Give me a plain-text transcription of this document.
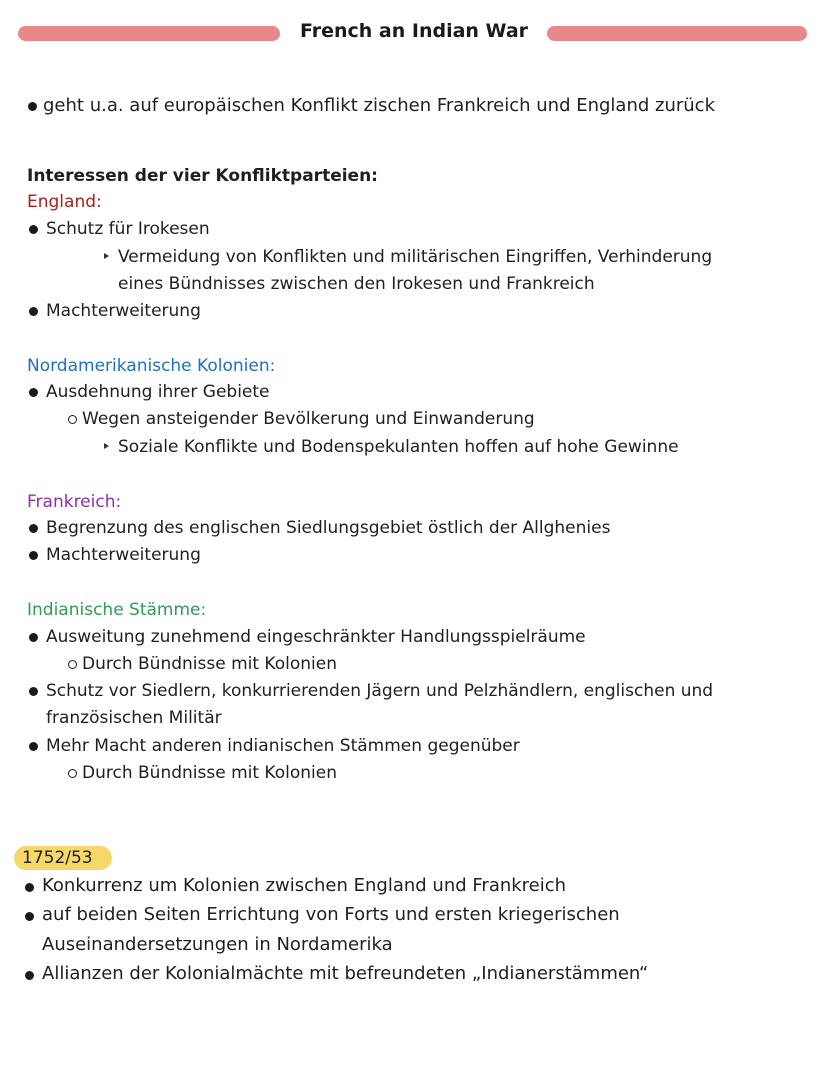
French an Indian War
geht u.a. auf europäischen Konflikt zischen Frankreich und England zurück
Interessen der vier Konfliktparteien:
England:
Schutz für Irokesen
Vermeidung von Konflikten und militärischen Eingriffen, Verhinderung
eines Bündnisses zwischen den Irokesen und Frankreich
Machterweiterung
Nordamerikanische Kolonien:
Ausdehnung ihrer Gebiete
Wegen ansteigender Bevölkerung und Einwanderung
Soziale Konflikte und Bodenspekulanten hoffen auf hohe Gewinne
Frankreich:
Begrenzung des englischen Siedlungsgebiet östlich der Allghenies
Machterweiterung
Indianische Stämme:
Ausweitung zunehmend eingeschränkter Handlungsspielräume
Durch Bündnisse mit Kolonien
Schutz vor Siedlern, konkurrierenden Jägern und Pelzhändlern, englischen und
französischen Militär
Mehr Macht anderen indianischen Stämmen gegenüber
Durch Bündnisse mit Kolonien
1752/53
Konkurrenz um Kolonien zwischen England und Frankreich
auf beiden Seiten Errichtung von Forts und ersten kriegerischen
Auseinandersetzungen in Nordamerika
Allianzen der Kolonialmächte mit befreundeten „Indianerstämmen“
